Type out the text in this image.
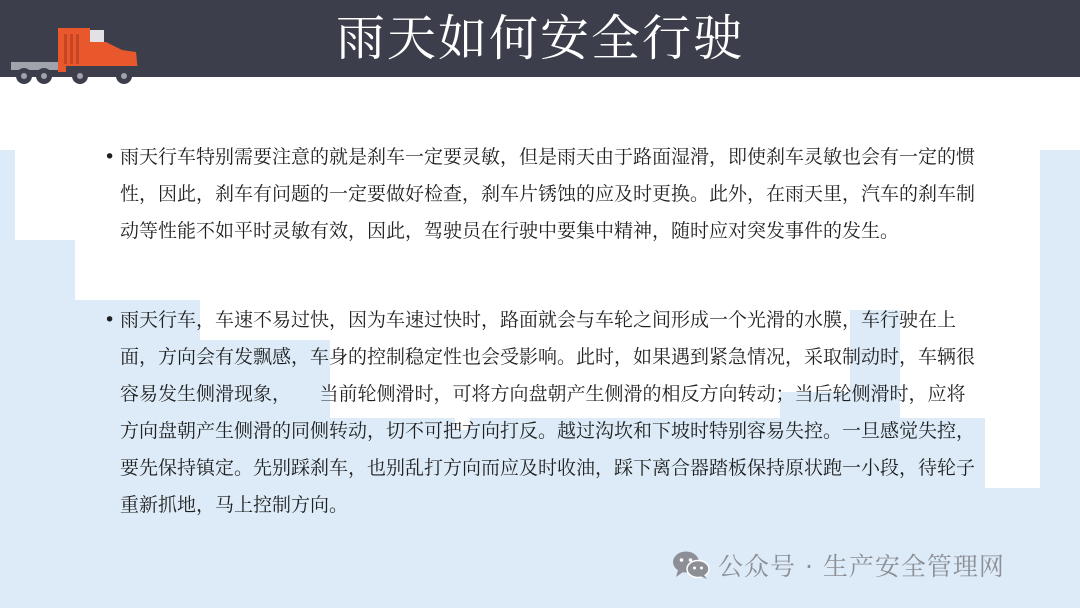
雨天如何安全行驶
• 雨天行车特别需要注意的就是刹车一定要灵敏，但是雨天由于路面湿滑，即使刹车灵敏也会有一定的惯性，因此，刹车有问题的一定要做好检查，刹车片锈蚀的应及时更换。此外，在雨天里，汽车的刹车制动等性能不如平时灵敏有效，因此，驾驶员在行驶中要集中精神，随时应对突发事件的发生。
• 雨天行车，车速不易过快，因为车速过快时，路面就会与车轮之间形成一个光滑的水膜，车行驶在上面，方向会有发飘感，车身的控制稳定性也会受影响。此时，如果遇到紧急情况，采取制动时，车辆很容易发生侧滑现象，　　当前轮侧滑时，可将方向盘朝产生侧滑的相反方向转动；当后轮侧滑时，应将方向盘朝产生侧滑的同侧转动，切不可把方向打反。越过沟坎和下坡时特别容易失控。一旦感觉失控，要先保持镇定。先别踩刹车，也别乱打方向而应及时收油，踩下离合器踏板保持原状跑一小段，待轮子重新抓地，马上控制方向。
公众号 · 生产安全管理网
